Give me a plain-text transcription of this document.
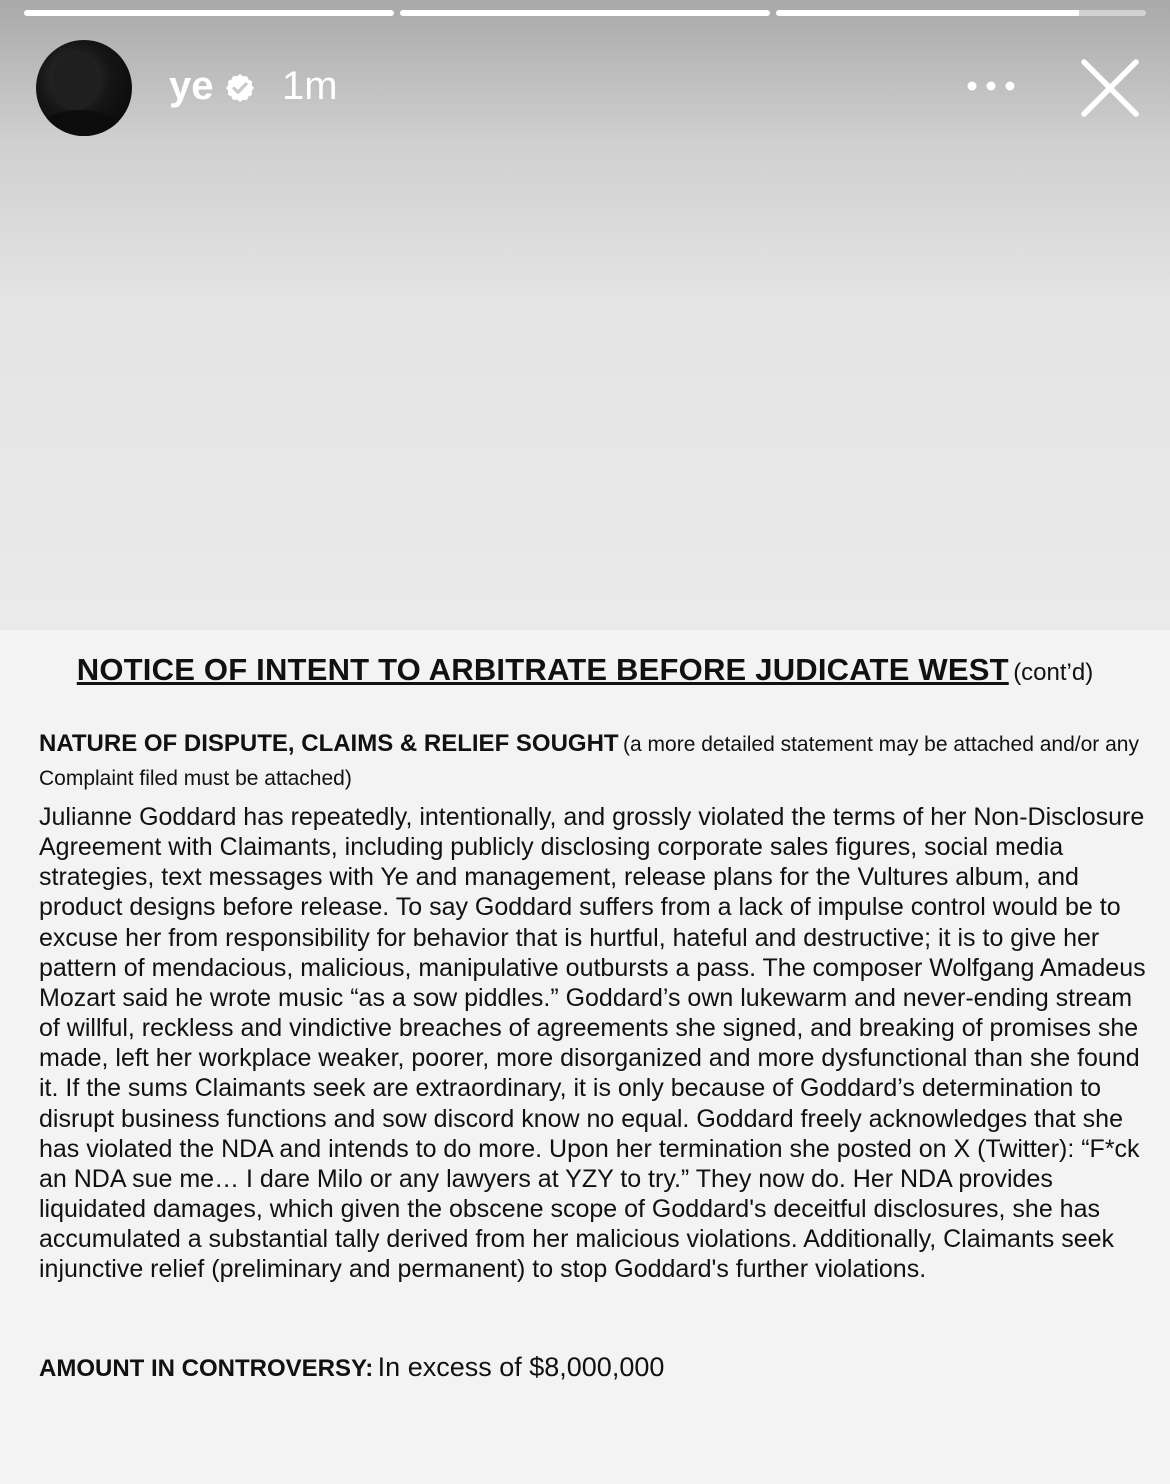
ye 1m
NOTICE OF INTENT TO ARBITRATE BEFORE JUDICATE WEST (cont’d)
NATURE OF DISPUTE, CLAIMS & RELIEF SOUGHT (a more detailed statement may be attached and/or any Complaint filed must be attached)

Julianne Goddard has repeatedly, intentionally, and grossly violated the terms of her Non-Disclosure Agreement with Claimants, including publicly disclosing corporate sales figures, social media strategies, text messages with Ye and management, release plans for the Vultures album, and product designs before release. To say Goddard suffers from a lack of impulse control would be to excuse her from responsibility for behavior that is hurtful, hateful and destructive; it is to give her pattern of mendacious, malicious, manipulative outbursts a pass. The composer Wolfgang Amadeus Mozart said he wrote music “as a sow piddles.” Goddard’s own lukewarm and never-ending stream of willful, reckless and vindictive breaches of agreements she signed, and breaking of promises she made, left her workplace weaker, poorer, more disorganized and more dysfunctional than she found it. If the sums Claimants seek are extraordinary, it is only because of Goddard’s determination to disrupt business functions and sow discord know no equal. Goddard freely acknowledges that she has violated the NDA and intends to do more. Upon her termination she posted on X (Twitter): “F*ck an NDA sue me… I dare Milo or any lawyers at YZY to try.” They now do. Her NDA provides liquidated damages, which given the obscene scope of Goddard's deceitful disclosures, she has accumulated a substantial tally derived from her malicious violations. Additionally, Claimants seek injunctive relief (preliminary and permanent) to stop Goddard's further violations.

AMOUNT IN CONTROVERSY: In excess of $8,000,000
